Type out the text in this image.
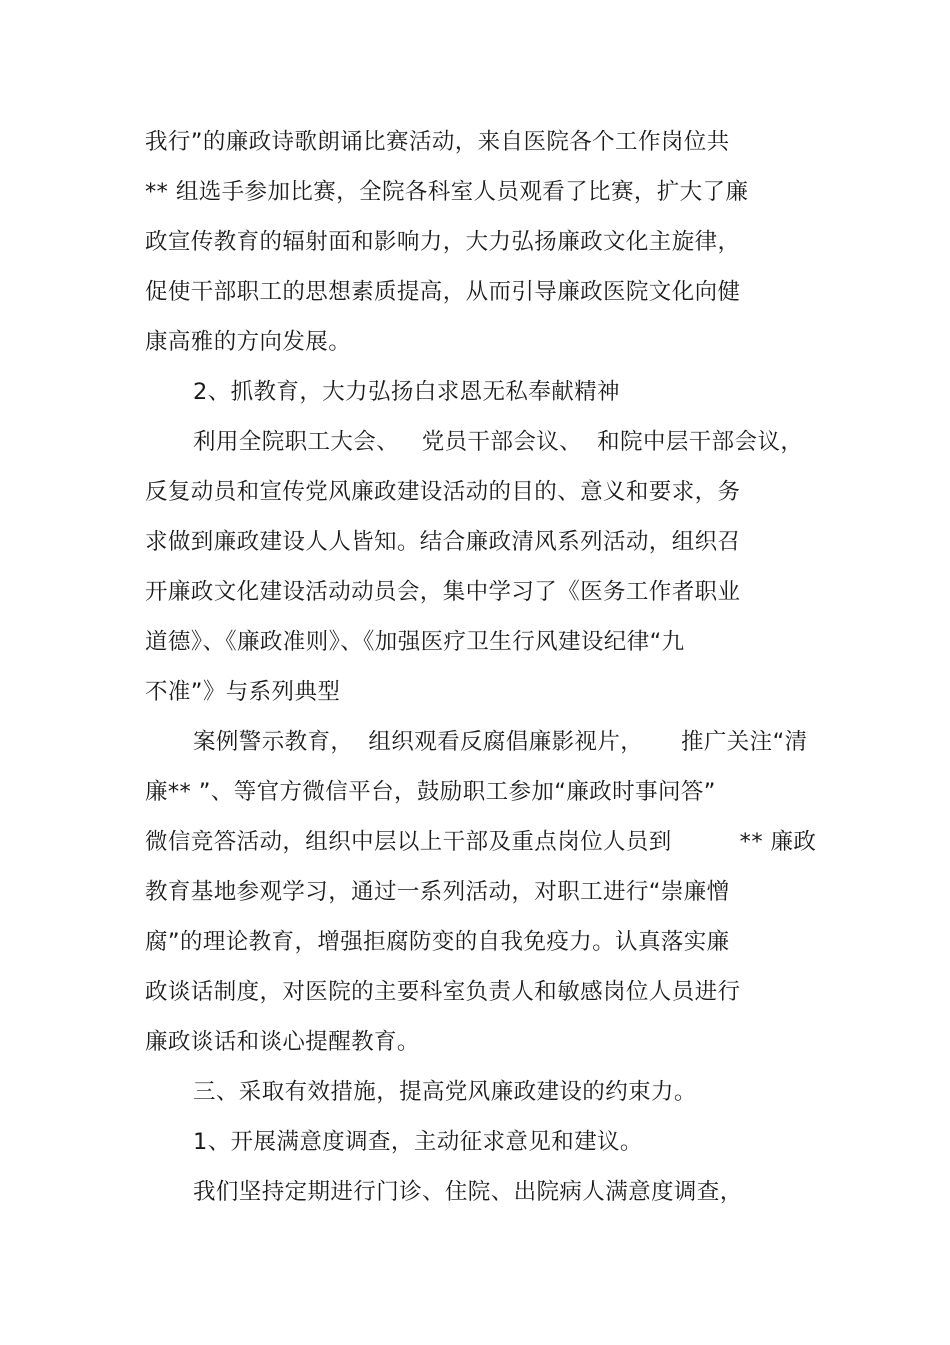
我行”的廉政诗歌朗诵比赛活动，来自医院各个工作岗位共
** 组选手参加比赛，全院各科室人员观看了比赛，扩大了廉
政宣传教育的辐射面和影响力，大力弘扬廉政文化主旋律，
促使干部职工的思想素质提高，从而引导廉政医院文化向健
康高雅的方向发展。
2、抓教育，大力弘扬白求恩无私奉献精神
利用全院职工大会、   党员干部会议、  和院中层干部会议，
反复动员和宣传党风廉政建设活动的目的、意义和要求，务
求做到廉政建设人人皆知。结合廉政清风系列活动，组织召
开廉政文化建设活动动员会，集中学习了《医务工作者职业
道德》、《廉政准则》、《加强医疗卫生行风建设纪律“九
不准”》与系列典型
案例警示教育，  组织观看反腐倡廉影视片，     推广关注“清
廉** ”、等官方微信平台，鼓励职工参加“廉政时事问答”
微信竞答活动，组织中层以上干部及重点岗位人员到         ** 廉政
教育基地参观学习，通过一系列活动，对职工进行“崇廉憎
腐”的理论教育，增强拒腐防变的自我免疫力。认真落实廉
政谈话制度，对医院的主要科室负责人和敏感岗位人员进行
廉政谈话和谈心提醒教育。
三、采取有效措施，提高党风廉政建设的约束力。
1、开展满意度调查，主动征求意见和建议。
我们坚持定期进行门诊、住院、出院病人满意度调查，
